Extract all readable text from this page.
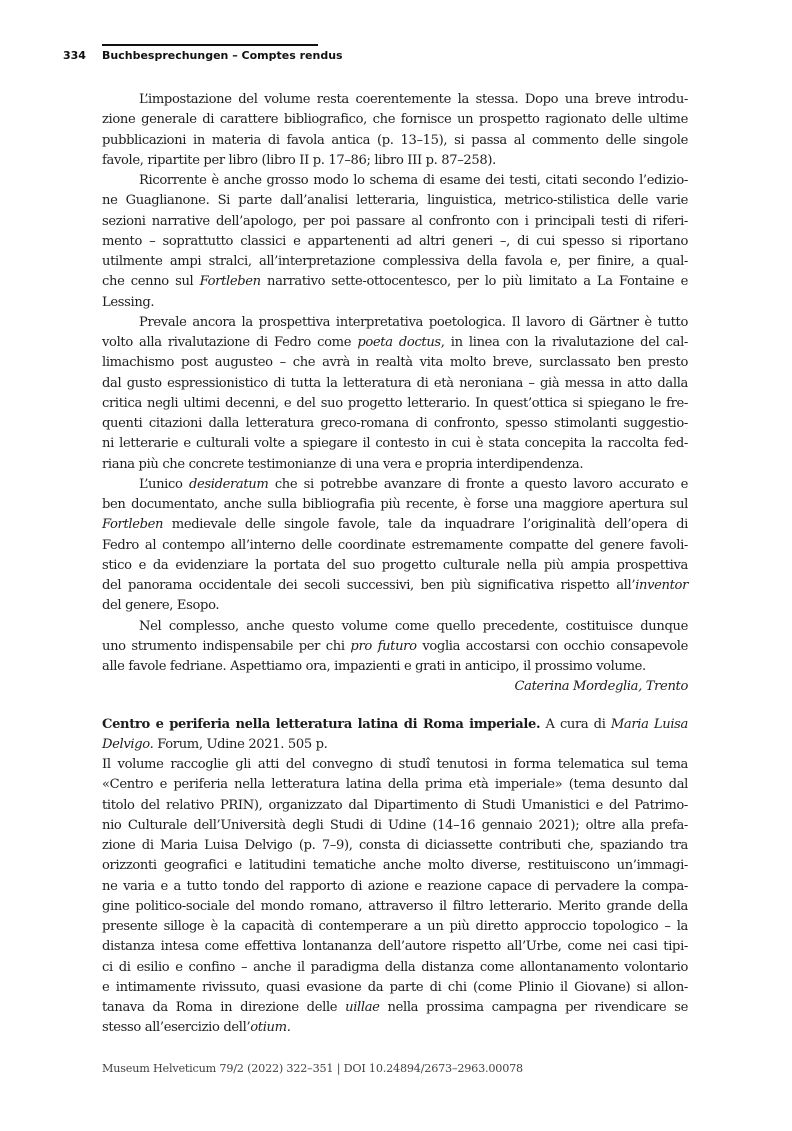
334 Buchbesprechungen – Comptes rendus
L’impostazione del volume resta coerentemente la stessa. Dopo una breve introdu-
zione generale di carattere bibliografico, che fornisce un prospetto ragionato delle ultime
pubblicazioni in materia di favola antica (p. 13–15), si passa al commento delle singole
favole, ripartite per libro (libro II p. 17–86; libro III p. 87–258).
Ricorrente è anche grosso modo lo schema di esame dei testi, citati secondo l’edizio-
ne Guaglianone. Si parte dall’analisi letteraria, linguistica, metrico-stilistica delle varie
sezioni narrative dell’apologo, per poi passare al confronto con i principali testi di riferi-
mento – soprattutto classici e appartenenti ad altri generi –, di cui spesso si riportano
utilmente ampi stralci, all’interpretazione complessiva della favola e, per finire, a qual-
che cenno sul Fortleben narrativo sette-ottocentesco, per lo più limitato a La Fontaine e
Lessing.
Prevale ancora la prospettiva interpretativa poetologica. Il lavoro di Gärtner è tutto
volto alla rivalutazione di Fedro come poeta doctus, in linea con la rivalutazione del cal-
limachismo post augusteo – che avrà in realtà vita molto breve, surclassato ben presto
dal gusto espressionistico di tutta la letteratura di età neroniana – già messa in atto dalla
critica negli ultimi decenni, e del suo progetto letterario. In quest’ottica si spiegano le fre-
quenti citazioni dalla letteratura greco-romana di confronto, spesso stimolanti suggestio-
ni letterarie e culturali volte a spiegare il contesto in cui è stata concepita la raccolta fed-
riana più che concrete testimonianze di una vera e propria interdipendenza.
L’unico desideratum che si potrebbe avanzare di fronte a questo lavoro accurato e
ben documentato, anche sulla bibliografia più recente, è forse una maggiore apertura sul
Fortleben medievale delle singole favole, tale da inquadrare l’originalità dell’opera di
Fedro al contempo all’interno delle coordinate estremamente compatte del genere favoli-
stico e da evidenziare la portata del suo progetto culturale nella più ampia prospettiva
del panorama occidentale dei secoli successivi, ben più significativa rispetto all’inventor
del genere, Esopo.
Nel complesso, anche questo volume come quello precedente, costituisce dunque
uno strumento indispensabile per chi pro futuro voglia accostarsi con occhio consapevole
alle favole fedriane. Aspettiamo ora, impazienti e grati in anticipo, il prossimo volume.
Caterina Mordeglia, Trento
Centro e periferia nella letteratura latina di Roma imperiale. A cura di Maria Luisa
Delvigo. Forum, Udine 2021. 505 p.
Il volume raccoglie gli atti del convegno di studî tenutosi in forma telematica sul tema
«Centro e periferia nella letteratura latina della prima età imperiale» (tema desunto dal
titolo del relativo PRIN), organizzato dal Dipartimento di Studi Umanistici e del Patrimo-
nio Culturale dell’Università degli Studi di Udine (14–16 gennaio 2021); oltre alla prefa-
zione di Maria Luisa Delvigo (p. 7–9), consta di diciassette contributi che, spaziando tra
orizzonti geografici e latitudini tematiche anche molto diverse, restituiscono un’immagi-
ne varia e a tutto tondo del rapporto di azione e reazione capace di pervadere la compa-
gine politico-sociale del mondo romano, attraverso il filtro letterario. Merito grande della
presente silloge è la capacità di contemperare a un più diretto approccio topologico – la
distanza intesa come effettiva lontananza dell’autore rispetto all’Urbe, come nei casi tipi-
ci di esilio e confino – anche il paradigma della distanza come allontanamento volontario
e intimamente rivissuto, quasi evasione da parte di chi (come Plinio il Giovane) si allon-
tanava da Roma in direzione delle uillae nella prossima campagna per rivendicare se
stesso all’esercizio dell’otium.
Museum Helveticum 79/2 (2022) 322–351 | DOI 10.24894/2673–2963.00078
